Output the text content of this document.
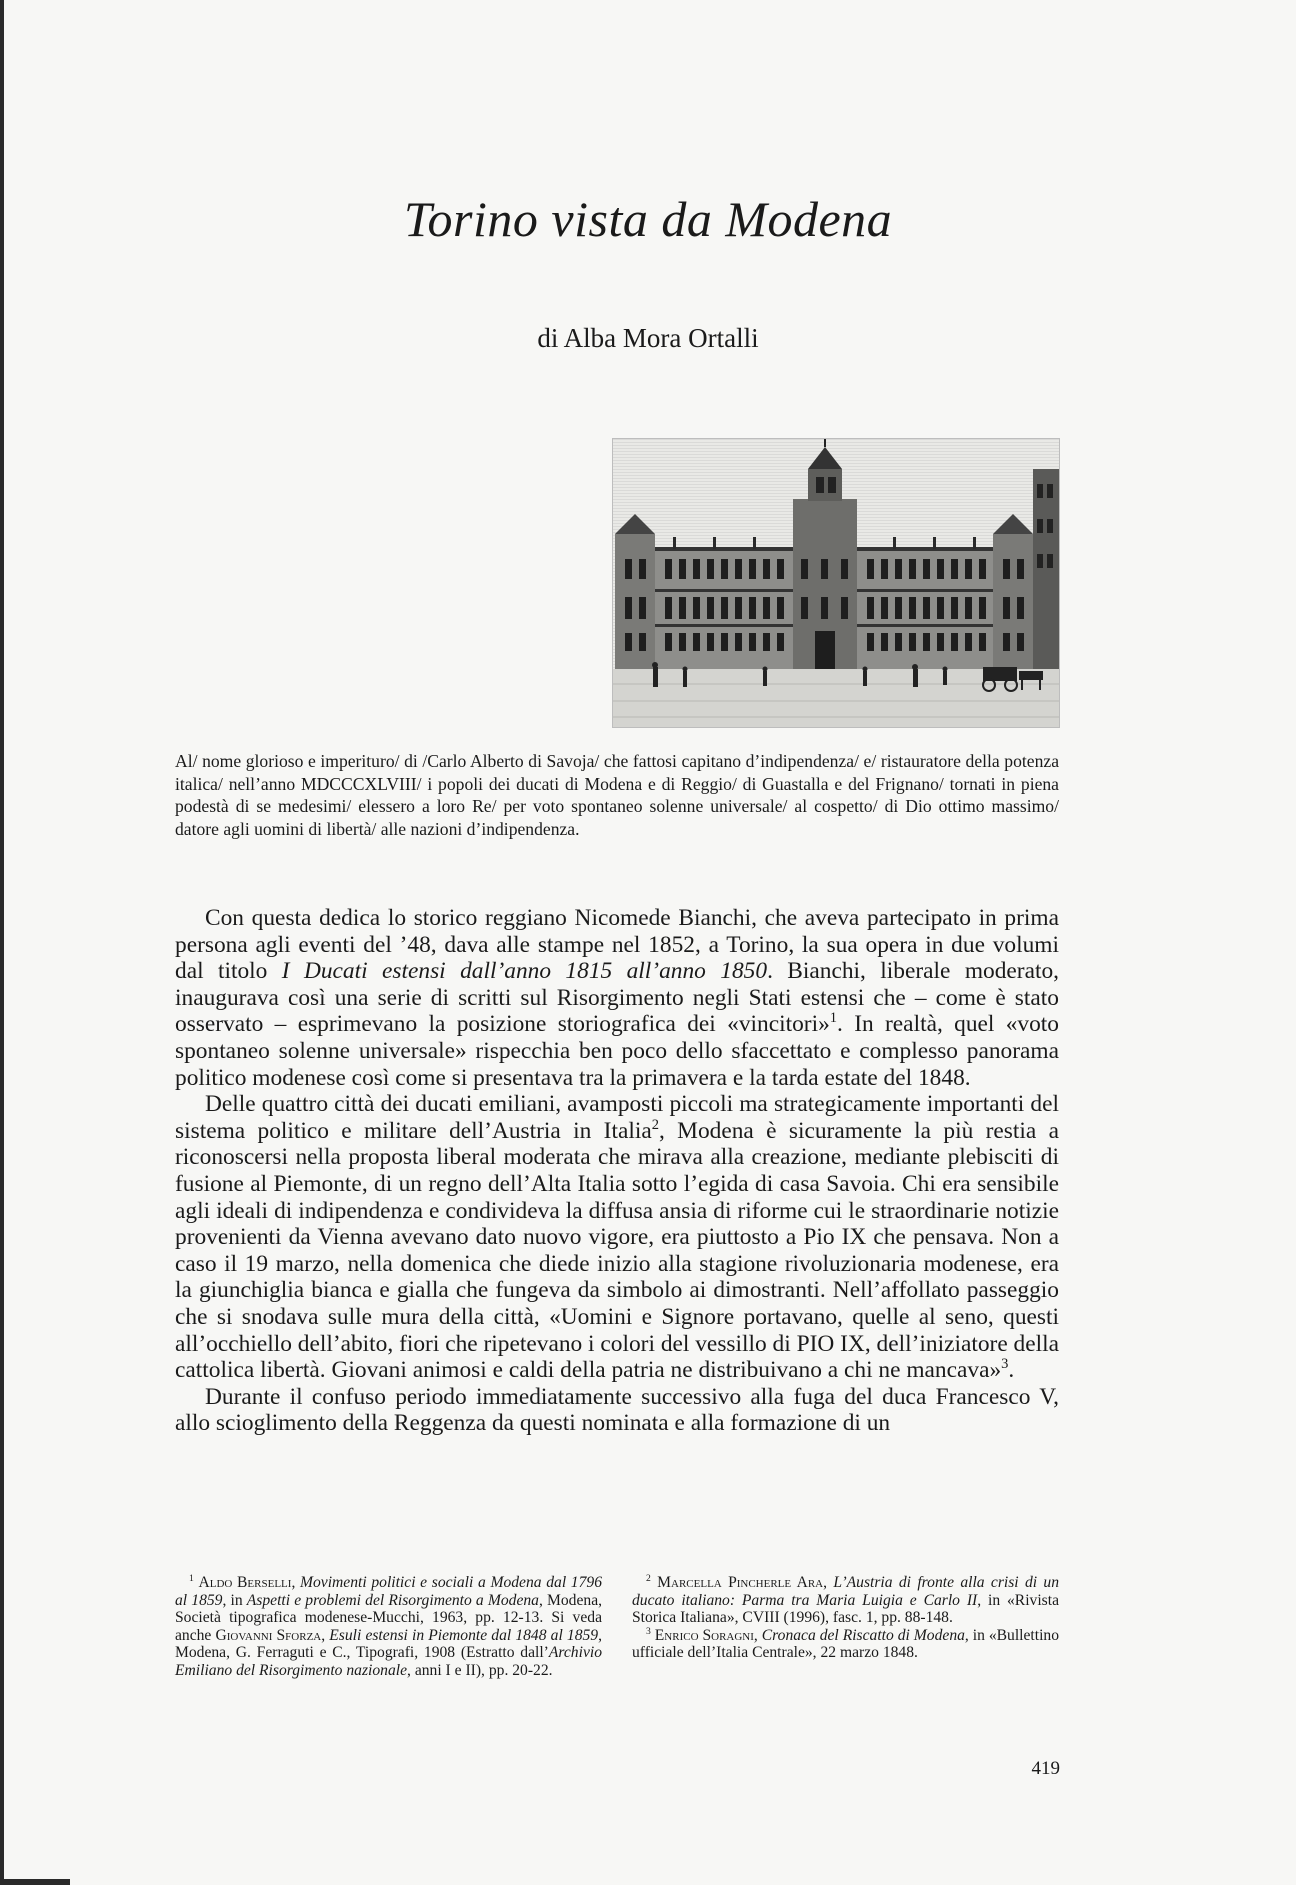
Torino vista da Modena
di Alba Mora Ortalli
Al/ nome glorioso e imperituro/ di /Carlo Alberto di Savoja/ che fattosi capitano d’indipendenza/ e/ ristauratore della potenza italica/ nell’anno MDCCCXLVIII/ i popoli dei ducati di Modena e di Reggio/ di Guastalla e del Frignano/ tornati in piena podestà di se medesimi/ elessero a loro Re/ per voto spontaneo solenne universale/ al cospetto/ di Dio ottimo massimo/ datore agli uomini di libertà/ alle nazioni d’indipendenza.

Con questa dedica lo storico reggiano Nicomede Bianchi, che aveva partecipato in prima persona agli eventi del ’48, dava alle stampe nel 1852, a Torino, la sua opera in due volumi dal titolo I Ducati estensi dall’anno 1815 all’anno 1850. Bianchi, liberale moderato, inaugurava così una serie di scritti sul Risorgimento negli Stati estensi che – come è stato osservato – esprimevano la posizione storiografica dei «vincitori»$^1$. In realtà, quel «voto spontaneo solenne universale» rispecchia ben poco dello sfaccettato e complesso panorama politico modenese così come si presentava tra la primavera e la tarda estate del 1848.

Delle quattro città dei ducati emiliani, avamposti piccoli ma strategicamente importanti del sistema politico e militare dell’Austria in Italia$^2$, Modena è sicuramente la più restia a riconoscersi nella proposta liberal moderata che mirava alla creazione, mediante plebisciti di fusione al Piemonte, di un regno dell’Alta Italia sotto l’egida di casa Savoia. Chi era sensibile agli ideali di indipendenza e condivideva la diffusa ansia di riforme cui le straordinarie notizie provenienti da Vienna avevano dato nuovo vigore, era piuttosto a Pio IX che pensava. Non a caso il 19 marzo, nella domenica che diede inizio alla stagione rivoluzionaria modenese, era la giunchiglia bianca e gialla che fungeva da simbolo ai dimostranti. Nell’affollato passeggio che si snodava sulle mura della città, «Uomini e Signore portavano, quelle al seno, questi all’occhiello dell’abito, fiori che ripetevano i colori del vessillo di PIO IX, dell’iniziatore della cattolica libertà. Giovani animosi e caldi della patria ne distribuivano a chi ne mancava»$^3$.

Durante il confuso periodo immediatamente successivo alla fuga del duca Francesco V, allo scioglimento della Reggenza da questi nominata e alla formazione di un

$^1$ Aldo Berselli, Movimenti politici e sociali a Modena dal 1796 al 1859, in Aspetti e problemi del Risorgimento a Modena, Modena, Società tipografica modenese-Mucchi, 1963, pp. 12-13. Si veda anche Giovanni Sforza, Esuli estensi in Piemonte dal 1848 al 1859, Modena, G. Ferraguti e C., Tipografi, 1908 (Estratto dall’Archivio Emiliano del Risorgimento nazionale, anni I e II), pp. 20-22.

$^2$ Marcella Pincherle Ara, L’Austria di fronte alla crisi di un ducato italiano: Parma tra Maria Luigia e Carlo II, in «Rivista Storica Italiana», CVIII (1996), fasc. 1, pp. 88-148.

$^3$ Enrico Soragni, Cronaca del Riscatto di Modena, in «Bullettino ufficiale dell’Italia Centrale», 22 marzo 1848.

419
